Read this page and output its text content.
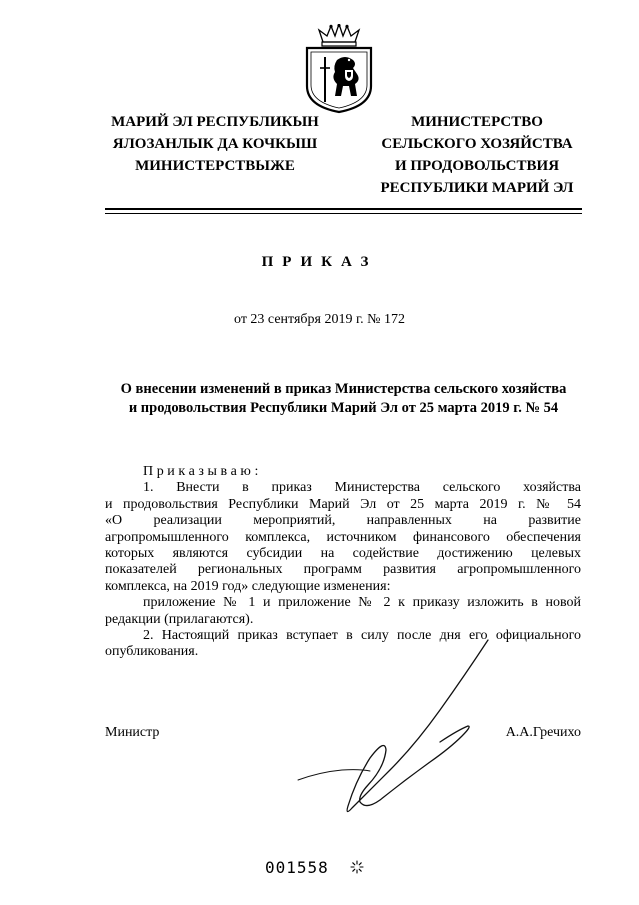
МАРИЙ ЭЛ РЕСПУБЛИКЫН
ЯЛОЗАНЛЫК ДА КОЧКЫШ
МИНИСТЕРСТВЫЖЕ
МИНИСТЕРСТВО
СЕЛЬСКОГО ХОЗЯЙСТВА
И ПРОДОВОЛЬСТВИЯ
РЕСПУБЛИКИ МАРИЙ ЭЛ
ПРИКАЗ
от 23 сентября 2019 г. № 172
О внесении изменений в приказ Министерства сельского хозяйства
и продовольствия Республики Марий Эл от 25 марта 2019 г. № 54
Приказываю:
1. Внести в приказ Министерства сельского хозяйства
и продовольствия Республики Марий Эл от 25 марта 2019 г. № 54
«О реализации мероприятий, направленных на развитие
агропромышленного комплекса, источником финансового обеспечения
которых являются субсидии на содействие достижению целевых
показателей региональных программ развития агропромышленного
комплекса, на 2019 год» следующие изменения:
приложение № 1 и приложение № 2 к приказу изложить в новой
редакции (прилагаются).
2. Настоящий приказ вступает в силу после дня его официального
опубликования.
Министр	А.А.Гречихо
001558
